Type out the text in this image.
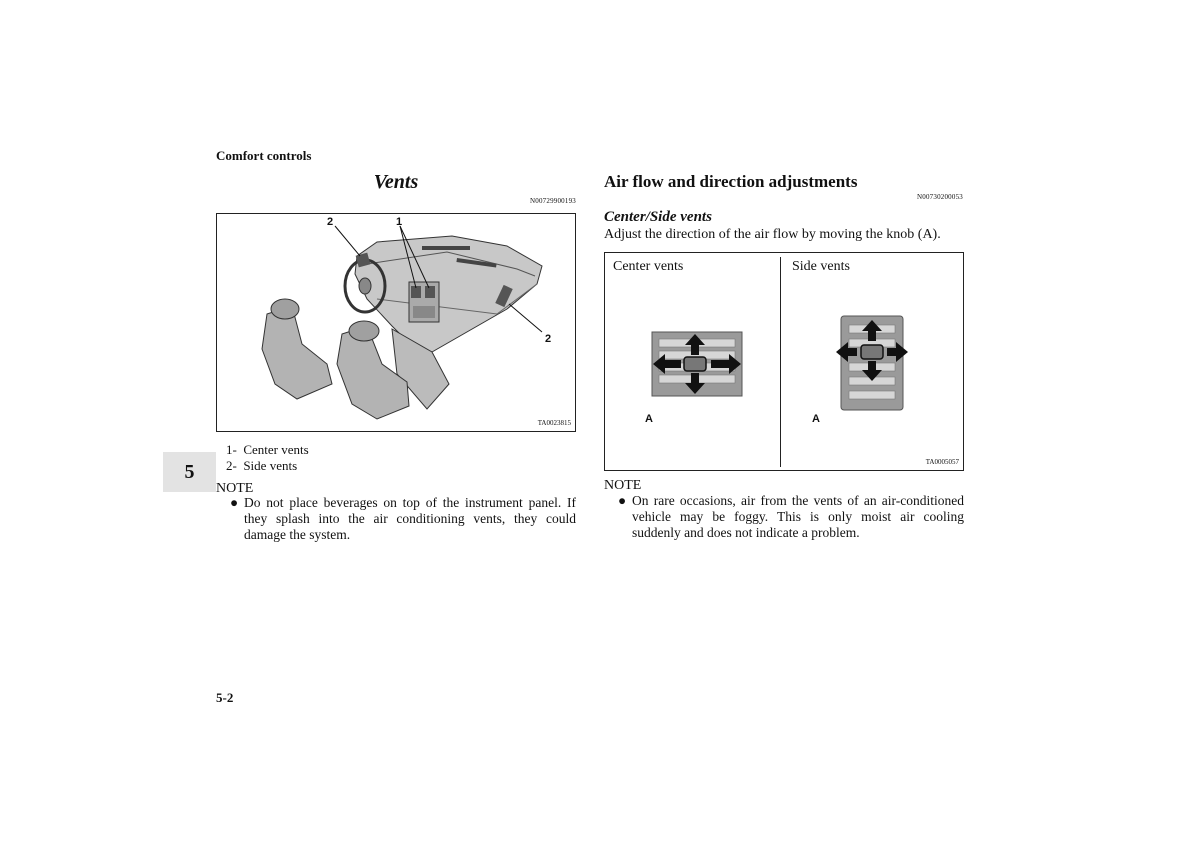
Comfort controls
5
5-2
Vents
N00729900193
2	1
2
TA0023815
1-  Center vents
2-  Side vents
NOTE
● Do not place beverages on top of the instrument panel. If they splash into the air conditioning vents, they could damage the system.
Air flow and direction adjustments
N00730200053
Center/Side vents
Adjust the direction of the air flow by moving the knob (A).
Center vents	Side vents
A	A
TA0005057
NOTE
● On rare occasions, air from the vents of an air-conditioned vehicle may be foggy. This is only moist air cooling suddenly and does not indicate a problem.
